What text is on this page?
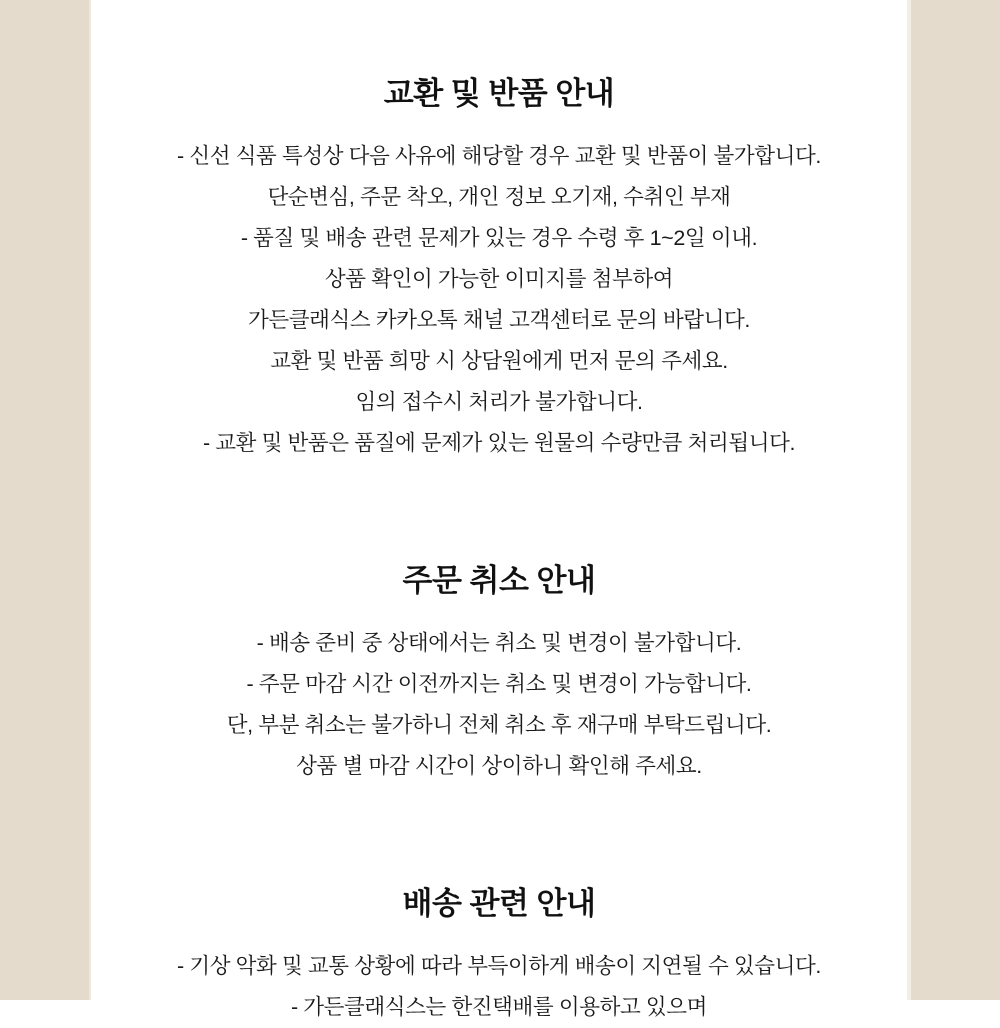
교환 및 반품 안내
- 신선 식품 특성상 다음 사유에 해당할 경우 교환 및 반품이 불가합니다.
단순변심, 주문 착오, 개인 정보 오기재, 수취인 부재
- 품질 및 배송 관련 문제가 있는 경우 수령 후 1~2일 이내.
상품 확인이 가능한 이미지를 첨부하여
가든클래식스 카카오톡 채널 고객센터로 문의 바랍니다.
교환 및 반품 희망 시 상담원에게 먼저 문의 주세요.
임의 접수시 처리가 불가합니다.
- 교환 및 반품은 품질에 문제가 있는 원물의 수량만큼 처리됩니다.
주문 취소 안내
- 배송 준비 중 상태에서는 취소 및 변경이 불가합니다.
- 주문 마감 시간 이전까지는 취소 및 변경이 가능합니다.
단, 부분 취소는 불가하니 전체 취소 후 재구매 부탁드립니다.
상품 별 마감 시간이 상이하니 확인해 주세요.
배송 관련 안내
- 기상 악화 및 교통 상황에 따라 부득이하게 배송이 지연될 수 있습니다.
- 가든클래식스는 한진택배를 이용하고 있으며
